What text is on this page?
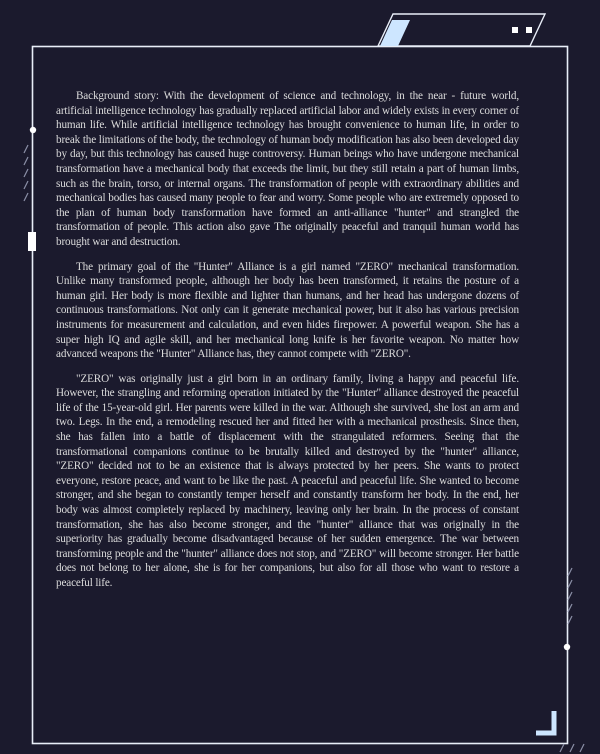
Background story: With the development of science and technology, in the near - future world, artificial intelligence technology has gradually replaced artificial labor and widely exists in every corner of human life. While artificial intelligence technology has brought convenience to human life, in order to break the limitations of the body, the technology of human body modification has also been developed day by day, but this technology has caused huge controversy. Human beings who have undergone mechanical transformation have a mechanical body that exceeds the limit, but they still retain a part of human limbs, such as the brain, torso, or internal organs. The transformation of people with extraordinary abilities and mechanical bodies has caused many people to fear and worry. Some people who are extremely opposed to the plan of human body transformation have formed an anti-alliance "hunter" and strangled the transformation of people. This action also gave The originally peaceful and tranquil human world has brought war and destruction.

The primary goal of the "Hunter" Alliance is a girl named "ZERO" mechanical transformation. Unlike many transformed people, although her body has been transformed, it retains the posture of a human girl. Her body is more flexible and lighter than humans, and her head has undergone dozens of continuous transformations. Not only can it generate mechanical power, but it also has various precision instruments for measurement and calculation, and even hides firepower. A powerful weapon. She has a super high IQ and agile skill, and her mechanical long knife is her favorite weapon. No matter how advanced weapons the "Hunter" Alliance has, they cannot compete with "ZERO".

"ZERO" was originally just a girl born in an ordinary family, living a happy and peaceful life. However, the strangling and reforming operation initiated by the "Hunter" alliance destroyed the peaceful life of the 15-year-old girl. Her parents were killed in the war. Although she survived, she lost an arm and two. Legs. In the end, a remodeling rescued her and fitted her with a mechanical prosthesis. Since then, she has fallen into a battle of displacement with the strangulated reformers. Seeing that the transformational companions continue to be brutally killed and destroyed by the "hunter" alliance, "ZERO" decided not to be an existence that is always protected by her peers. She wants to protect everyone, restore peace, and want to be like the past. A peaceful and peaceful life. She wanted to become stronger, and she began to constantly temper herself and constantly transform her body. In the end, her body was almost completely replaced by machinery, leaving only her brain. In the process of constant transformation, she has also become stronger, and the "hunter" alliance that was originally in the superiority has gradually become disadvantaged because of her sudden emergence. The war between transforming people and the "hunter" alliance does not stop, and "ZERO" will become stronger. Her battle does not belong to her alone, she is for her companions, but also for all those who want to restore a peaceful life.
